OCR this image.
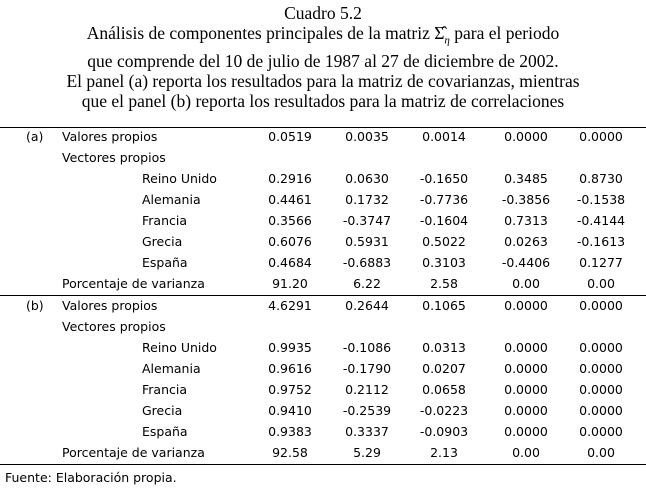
Cuadro 5.2
Análisis de componentes principales de la matriz $\Sigmâ_\eta$ para el periodo
que comprende del 10 de julio de 1987 al 27 de diciembre de 2002.
El panel (a) reporta los resultados para la matriz de covarianzas, mientras
que el panel (b) reporta los resultados para la matriz de correlaciones
(a) Valores propios	0.0519	0.0035	0.0014	0.0000	0.0000
Vectores propios
Reino Unido	0.2916	0.0630	-0.1650	0.3485	0.8730
Alemania	0.4461	0.1732	-0.7736	-0.3856	-0.1538
Francia	0.3566	-0.3747	-0.1604	0.7313	-0.4144
Grecia	0.6076	0.5931	0.5022	0.0263	-0.1613
España	0.4684	-0.6883	0.3103	-0.4406	0.1277
Porcentaje de varianza	91.20	6.22	2.58	0.00	0.00
(b) Valores propios	4.6291	0.2644	0.1065	0.0000	0.0000
Vectores propios
Reino Unido	0.9935	-0.1086	0.0313	0.0000	0.0000
Alemania	0.9616	-0.1790	0.0207	0.0000	0.0000
Francia	0.9752	0.2112	0.0658	0.0000	0.0000
Grecia	0.9410	-0.2539	-0.0223	0.0000	0.0000
España	0.9383	0.3337	-0.0903	0.0000	0.0000
Porcentaje de varianza	92.58	5.29	2.13	0.00	0.00
Fuente: Elaboración propia.
